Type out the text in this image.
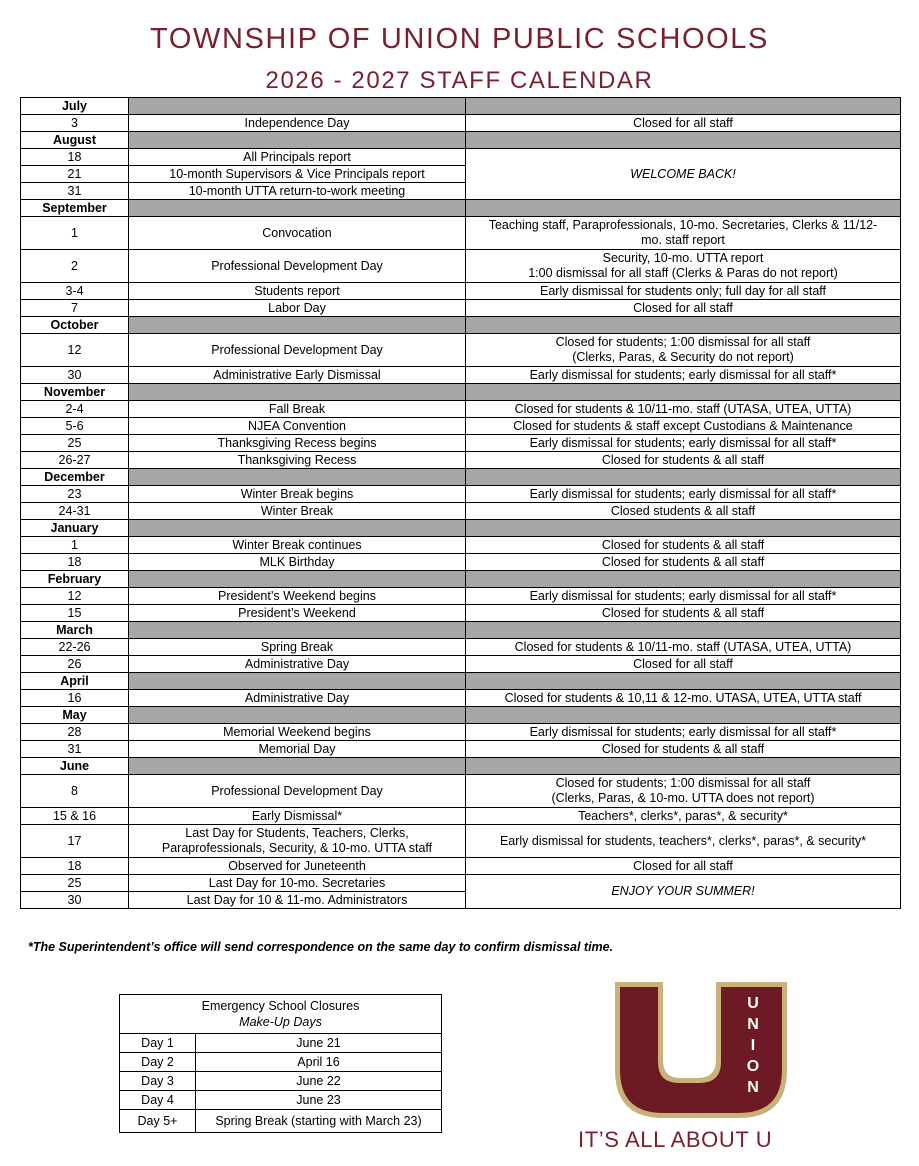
TOWNSHIP OF UNION PUBLIC SCHOOLS
2026 - 2027 STAFF CALENDAR
July		
3	Independence Day	Closed for all staff
August		
18	All Principals report	WELCOME BACK!
21	10-month Supervisors & Vice Principals report	
31	10-month UTTA return-to-work meeting	
September		
1	Convocation	Teaching staff, Paraprofessionals, 10-mo. Secretaries, Clerks & 11/12-mo. staff report
2	Professional Development Day	Security, 10-mo. UTTA report
1:00 dismissal for all staff (Clerks & Paras do not report)
3-4	Students report	Early dismissal for students only; full day for all staff
7	Labor Day	Closed for all staff
October		
12	Professional Development Day	Closed for students; 1:00 dismissal for all staff
(Clerks, Paras, & Security do not report)
30	Administrative Early Dismissal	Early dismissal for students; early dismissal for all staff*
November		
2-4	Fall Break	Closed for students & 10/11-mo. staff (UTASA, UTEA, UTTA)
5-6	NJEA Convention	Closed for students & staff except Custodians & Maintenance
25	Thanksgiving Recess begins	Early dismissal for students; early dismissal for all staff*
26-27	Thanksgiving Recess	Closed for students & all staff
December		
23	Winter Break begins	Early dismissal for students; early dismissal for all staff*
24-31	Winter Break	Closed students & all staff
January		
1	Winter Break continues	Closed for students & all staff
18	MLK Birthday	Closed for students & all staff
February		
12	President’s Weekend begins	Early dismissal for students; early dismissal for all staff*
15	President’s Weekend	Closed for students & all staff
March		
22-26	Spring Break	Closed for students & 10/11-mo. staff (UTASA, UTEA, UTTA)
26	Administrative Day	Closed for all staff
April		
16	Administrative Day	Closed for students & 10,11 & 12-mo. UTASA, UTEA, UTTA staff
May		
28	Memorial Weekend begins	Early dismissal for students; early dismissal for all staff*
31	Memorial Day	Closed for students & all staff
June		
8	Professional Development Day	Closed for students; 1:00 dismissal for all staff
(Clerks, Paras, & 10-mo. UTTA does not report)
15 & 16	Early Dismissal*	Teachers*, clerks*, paras*, & security*
17	Last Day for Students, Teachers, Clerks,
Paraprofessionals, Security, & 10-mo. UTTA staff	Early dismissal for students, teachers*, clerks*, paras*, & security*
18	Observed for Juneteenth	Closed for all staff
25	Last Day for 10-mo. Secretaries	ENJOY YOUR SUMMER!
30	Last Day for 10 & 11-mo. Administrators	
*The Superintendent’s office will send correspondence on the same day to confirm dismissal time.
Emergency School Closures
Make-Up Days	
Day 1	June 21
Day 2	April 16
Day 3	June 22
Day 4	June 23
Day 5+	Spring Break (starting with March 23)
U
N
I
O
N
IT’S ALL ABOUT U
